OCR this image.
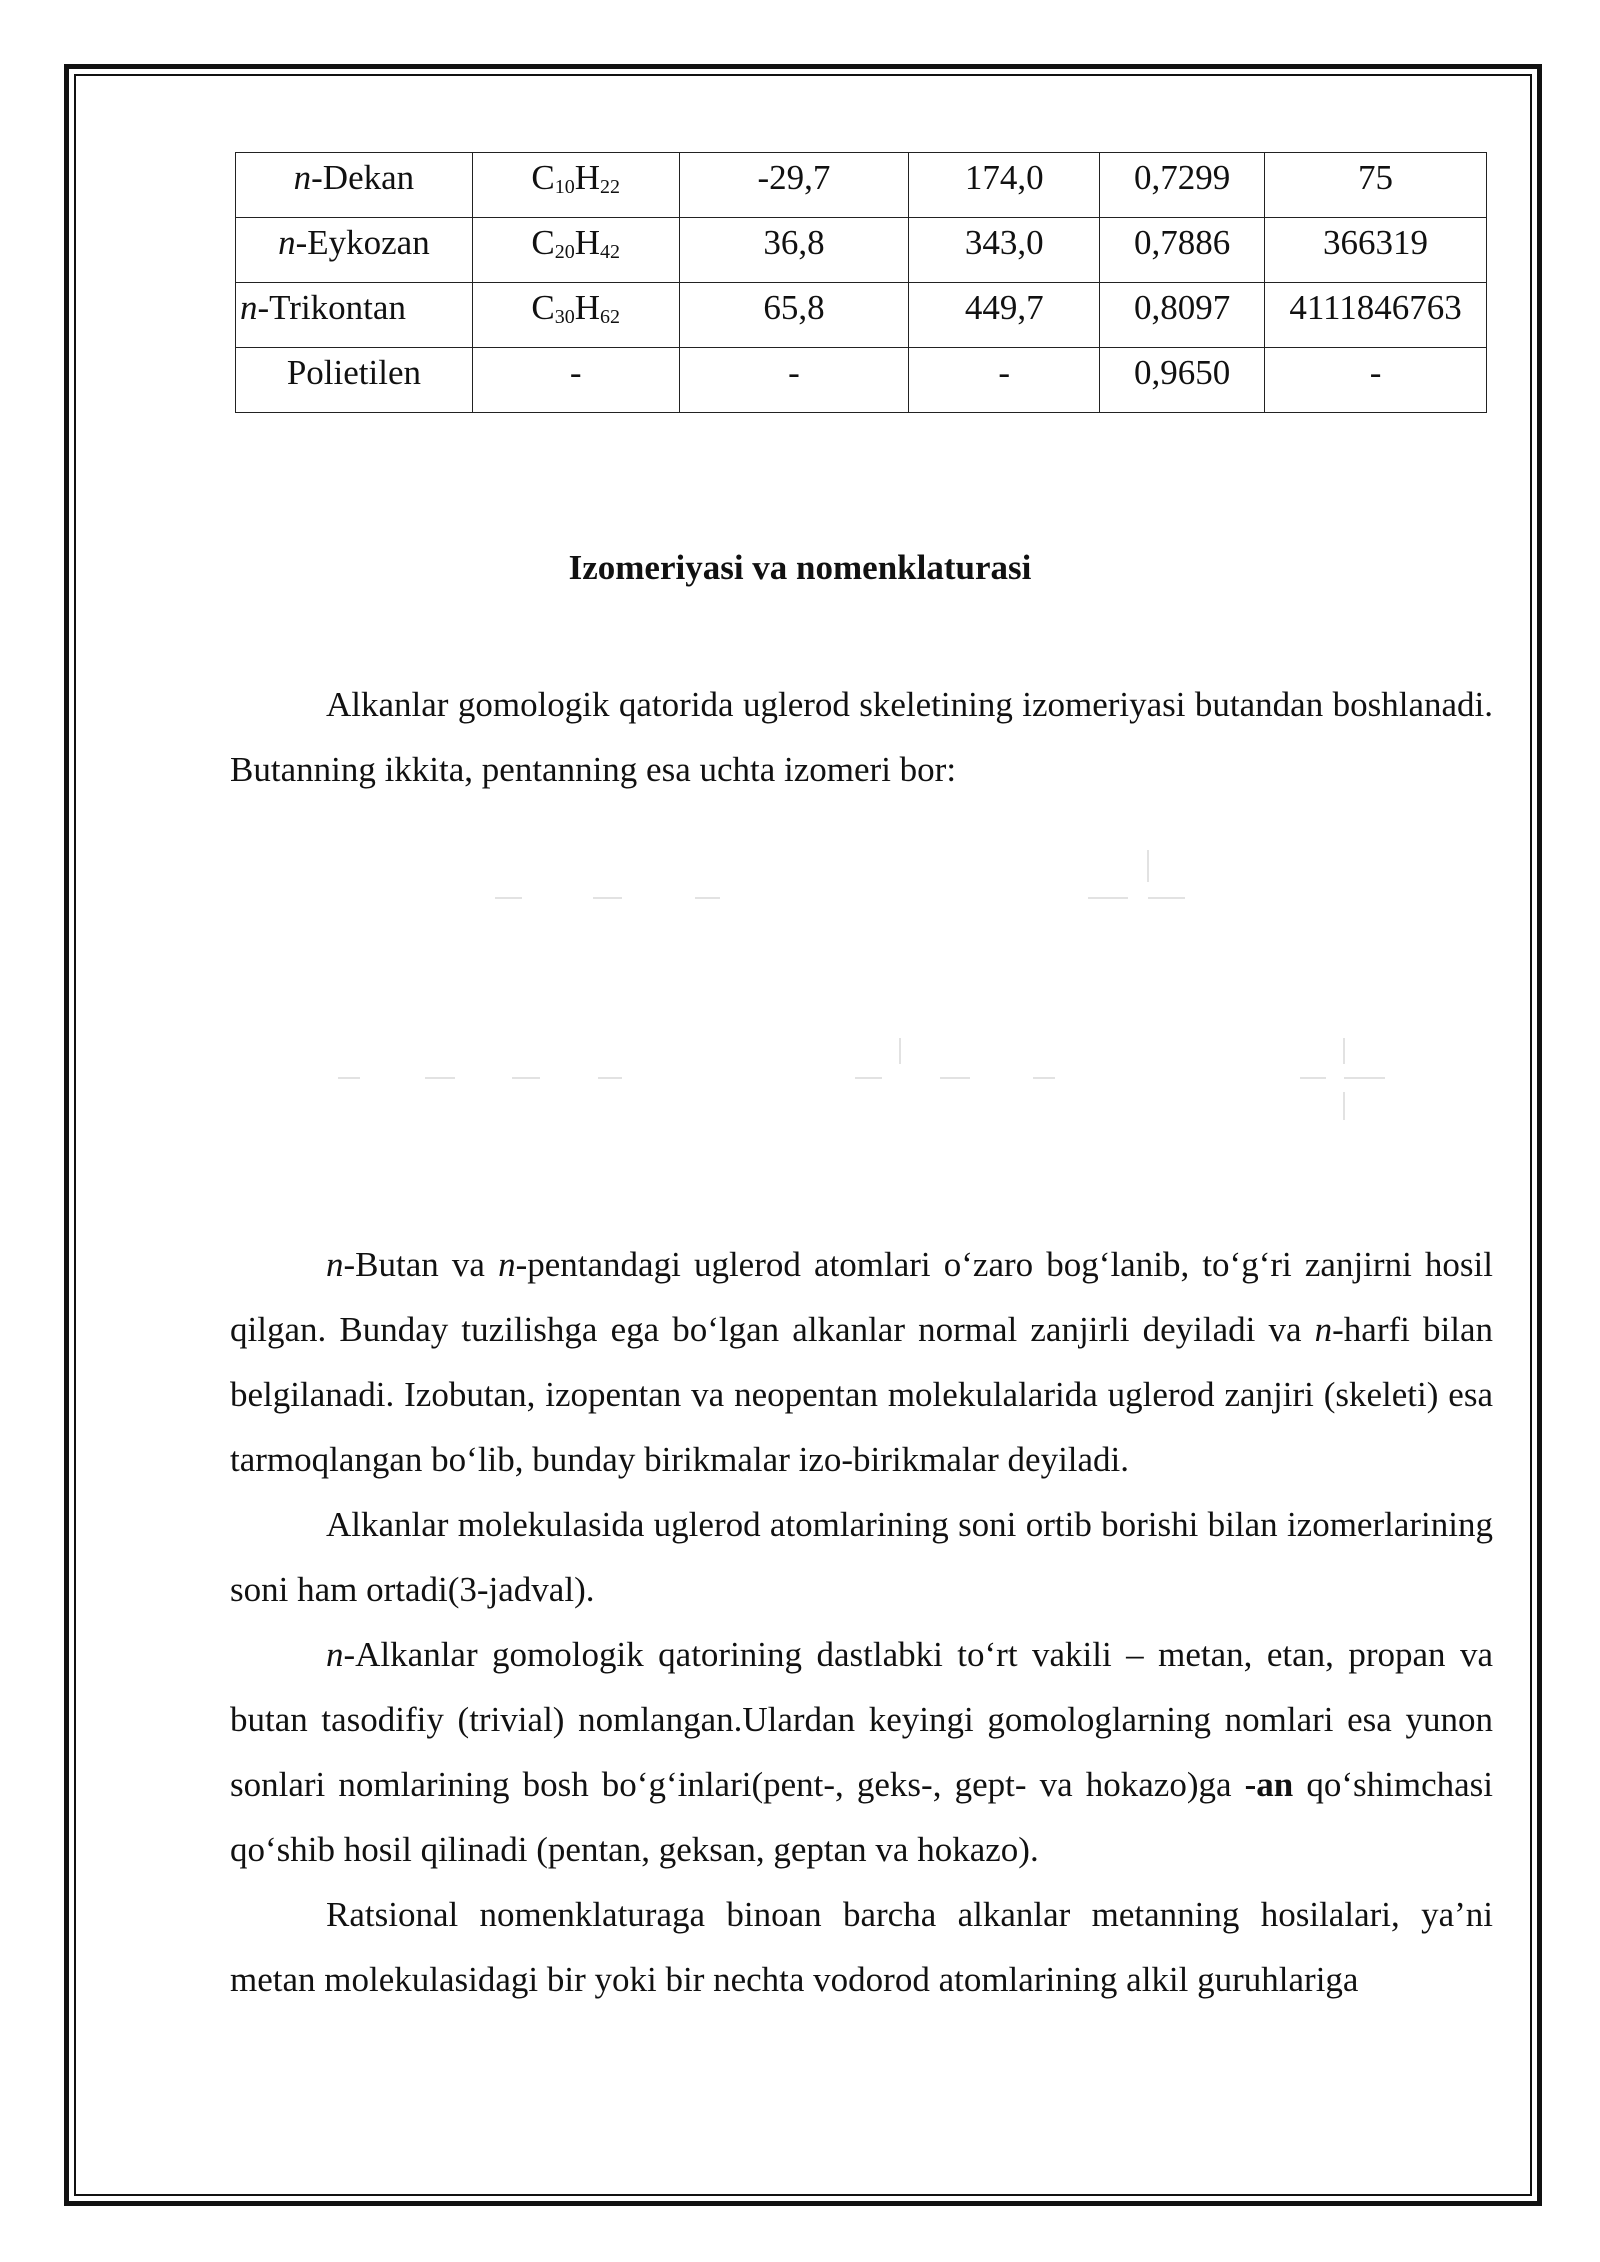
n-Dekan	$C_{10}H_{22}$	-29,7	174,0	0,7299	75
n-Eykozan	$C_{20}H_{42}$	36,8	343,0	0,7886	366319
n-Trikontan	$C_{30}H_{62}$	65,8	449,7	0,8097	4111846763
Polietilen	-	-	-	0,9650	-
Izomeriyasi va nomenklaturasi

Alkanlar gomologik qatorida uglerod skeletining izomeriyasi butandan boshlanadi. Butanning ikkita, pentanning esa uchta izomeri bor:

n-Butan va n-pentandagi uglerod atomlari o‘zaro bog‘lanib, to‘g‘ri zanjirni hosil qilgan. Bunday tuzilishga ega bo‘lgan alkanlar normal zanjirli deyiladi va n-harfi bilan belgilanadi. Izobutan, izopentan va neopentan molekulalarida uglerod zanjiri (skeleti) esa tarmoqlangan bo‘lib, bunday birikmalar izo-birikmalar deyiladi.

Alkanlar molekulasida uglerod atomlarining soni ortib borishi bilan izomerlarining soni ham ortadi(3-jadval).

n-Alkanlar gomologik qatorining dastlabki to‘rt vakili – metan, etan, propan va butan tasodifiy (trivial) nomlangan.Ulardan keyingi gomologlarning nomlari esa yunon sonlari nomlarining bosh bo‘g‘inlari(pent-, geks-, gept- va hokazo)ga -an qo‘shimchasi qo‘shib hosil qilinadi (pentan, geksan, geptan va hokazo).

Ratsional nomenklaturaga binoan barcha alkanlar metanning hosilalari, ya’ni metan molekulasidagi bir yoki bir nechta vodorod atomlarining alkil guruhlariga
